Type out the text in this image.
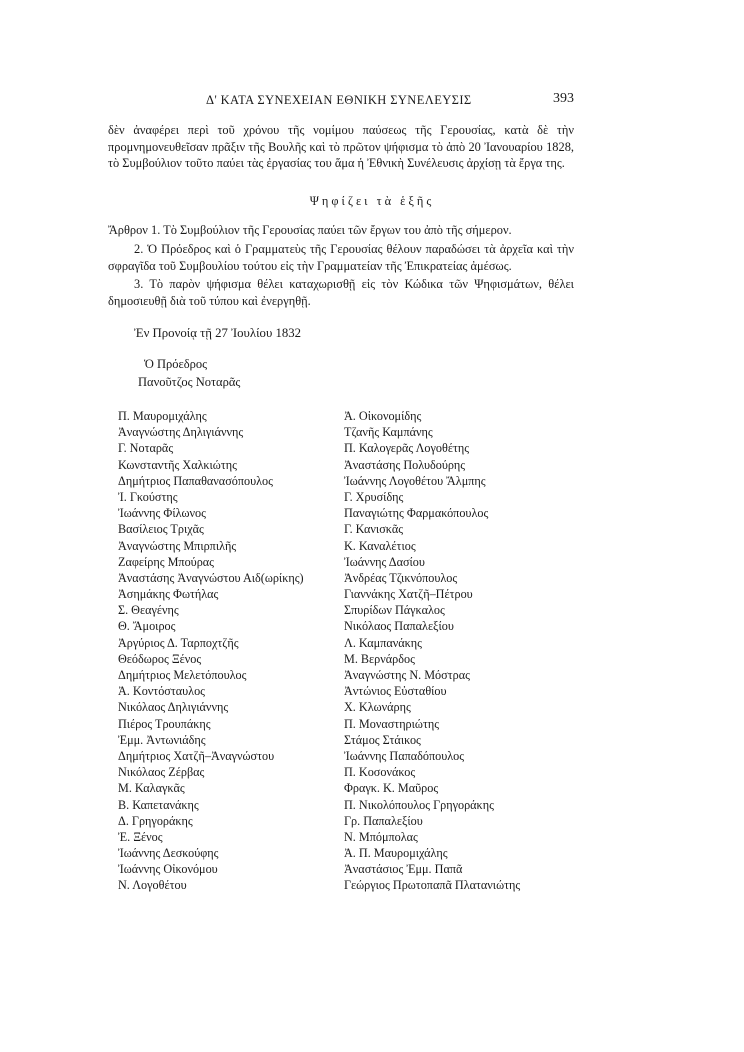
Δ' ΚΑΤΑ ΣΥΝΕΧΕΙΑΝ ΕΘΝΙΚΗ ΣΥΝΕΛΕΥΣΙΣ	393

δὲν ἀναφέρει περὶ τοῦ χρόνου τῆς νομίμου παύσεως τῆς Γερουσίας, κατὰ δὲ τὴν προμνημονευθεῖσαν πρᾶξιν τῆς Βουλῆς καὶ τὸ πρῶτον ψήφισμα τὸ ἀπὸ 20 Ἰανουαρίου 1828, τὸ Συμβούλιον τοῦτο παύει τὰς ἐργασίας του ἅμα ἡ Ἐθνικὴ Συνέλευσις ἀρχίσῃ τὰ ἔργα της.

Ψηφίζει τὰ ἑξῆς

Ἄρθρον 1. Τὸ Συμβούλιον τῆς Γερουσίας παύει τῶν ἔργων του ἀπὸ τῆς σήμερον.

2. Ὁ Πρόεδρος καὶ ὁ Γραμματεὺς τῆς Γερουσίας θέλουν παραδώσει τὰ ἀρχεῖα καὶ τὴν σφραγῖδα τοῦ Συμβουλίου τούτου εἰς τὴν Γραμματείαν τῆς Ἐπικρατείας ἀμέσως.

3. Τὸ παρὸν ψήφισμα θέλει καταχωρισθῇ εἰς τὸν Κώδικα τῶν Ψηφισμάτων, θέλει δημοσιευθῇ διὰ τοῦ τύπου καὶ ἐνεργηθῇ.

Ἐν Προνοίᾳ τῇ 27 Ἰουλίου 1832
Ὁ Πρόεδρος
Πανοῦτζος Νοταρᾶς
Π. Μαυρομιχάλης
Ἀναγνώστης Δηλιγιάννης
Γ. Νοταρᾶς
Κωνσταντῆς Χαλκιώτης
Δημήτριος Παπαθανασόπουλος
Ἰ. Γκούστης
Ἰωάννης Φίλωνος
Βασίλειος Τριχᾶς
Ἀναγνώστης Μπιρπιλῆς
Ζαφείρης Μπούρας
Ἀναστάσης Ἀναγνώστου Αιδ(ωρίκης)
Ἀσημάκης Φωτήλας
Σ. Θεαγένης
Θ. Ἄμοιρος
Ἀργύριος Δ. Ταρποχτζῆς
Θεόδωρος Ξένος
Δημήτριος Μελετόπουλος
Ἀ. Κοντόσταυλος
Νικόλαος Δηλιγιάννης
Πιέρος Τρουπάκης
Ἐμμ. Ἀντωνιάδης
Δημήτριος Χατζῆ–Ἀναγνώστου
Νικόλαος Ζέρβας
Μ. Καλαγκᾶς
Β. Καπετανάκης
Δ. Γρηγοράκης
Ἐ. Ξένος
Ἰωάννης Δεσκούφης
Ἰωάννης Οἰκονόμου
Ν. Λογοθέτου
Ἀ. Οἰκονομίδης
Τζανῆς Καμπάνης
Π. Καλογερᾶς Λογοθέτης
Ἀναστάσης Πολυδούρης
Ἰωάννης Λογοθέτου Ἄλμπης
Γ. Χρυσίδης
Παναγιώτης Φαρμακόπουλος
Γ. Κανισκᾶς
Κ. Καναλέτιος
Ἰωάννης Δασίου
Ἀνδρέας Τζικνόπουλος
Γιαννάκης Χατζῆ–Πέτρου
Σπυρίδων Πάγκαλος
Νικόλαος Παπαλεξίου
Λ. Καμπανάκης
Μ. Βερνάρδος
Ἀναγνώστης Ν. Μόστρας
Ἀντώνιος Εὐσταθίου
Χ. Κλωνάρης
Π. Μοναστηριώτης
Στάμος Στάικος
Ἰωάννης Παπαδόπουλος
Π. Κοσονάκος
Φραγκ. Κ. Μαῦρος
Π. Νικολόπουλος Γρηγοράκης
Γρ. Παπαλεξίου
Ν. Μπόμπολας
Ἀ. Π. Μαυρομιχάλης
Ἀναστάσιος Ἐμμ. Παπᾶ
Γεώργιος Πρωτοπαπᾶ Πλατανιώτης
